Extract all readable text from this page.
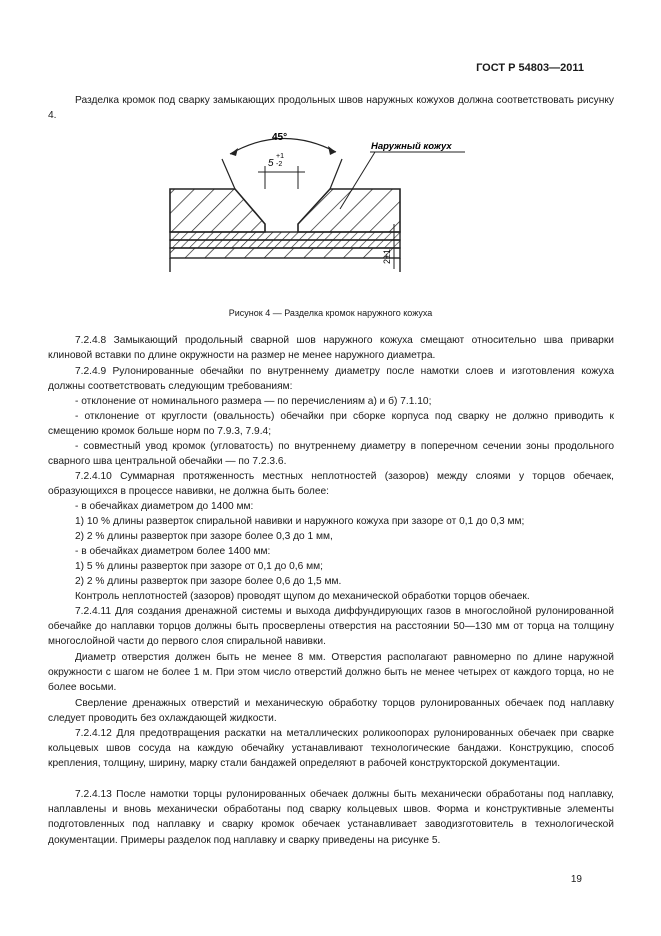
ГОСТ Р 54803—2011

Разделка кромок под сварку замыкающих продольных швов наружных кожухов должна соответствовать рисунку 4.

45°
5
+1
-2
Наружный кожух
2±1
Рисунок 4 — Разделка кромок наружного кожуха

7.2.4.8 Замыкающий продольный сварной шов наружного кожуха смещают относительно шва приварки клиновой вставки по длине окружности на размер не менее наружного диаметра.

7.2.4.9 Рулонированные обечайки по внутреннему диаметру после намотки слоев и изготовления кожуха должны соответствовать следующим требованиям:

- отклонение от номинального размера — по перечислениям а) и б) 7.1.10;

- отклонение от круглости (овальность) обечайки при сборке корпуса под сварку не должно приводить к смещению кромок больше норм по 7.9.3, 7.9.4;

- совместный увод кромок (угловатость) по внутреннему диаметру в поперечном сечении зоны продольного сварного шва центральной обечайки — по 7.2.3.6.

7.2.4.10 Суммарная протяженность местных неплотностей (зазоров) между слоями у торцов обечаек, образующихся в процессе навивки, не должна быть более:

- в обечайках диаметром до 1400 мм:

1) 10 % длины разверток спиральной навивки и наружного кожуха при зазоре от 0,1 до 0,3 мм;

2) 2 % длины разверток при зазоре более 0,3 до 1 мм,

- в обечайках диаметром более 1400 мм:

1) 5 % длины разверток при зазоре от 0,1 до 0,6 мм;

2) 2 % длины разверток при зазоре более 0,6 до 1,5 мм.

Контроль неплотностей (зазоров) проводят щупом до механической обработки торцов обечаек.

7.2.4.11 Для создания дренажной системы и выхода диффундирующих газов в многослойной рулонированной обечайке до наплавки торцов должны быть просверлены отверстия на расстоянии 50—130 мм от торца на толщину многослойной части до первого слоя спиральной навивки.

Диаметр отверстия должен быть не менее 8 мм. Отверстия располагают равномерно по длине наружной окружности с шагом не более 1 м. При этом число отверстий должно быть не менее четырех от каждого торца, но не более восьми.

Сверление дренажных отверстий и механическую обработку торцов рулонированных обечаек под наплавку следует проводить без охлаждающей жидкости.

7.2.4.12 Для предотвращения раскатки на металлических роликоопорах рулонированных обечаек при сварке кольцевых швов сосуда на каждую обечайку устанавливают технологические бандажи. Конструкцию, способ крепления, толщину, ширину, марку стали бандажей определяют в рабочей конструкторской документации.

7.2.4.13 После намотки торцы рулонированных обечаек должны быть механически обработаны под наплавку, наплавлены и вновь механически обработаны под сварку кольцевых швов. Форма и конструктивные элементы подготовленных под наплавку и сварку кромок обечаек устанавливает заводизготовитель в технологической документации. Примеры разделок под наплавку и сварку приведены на рисунке 5.

19
